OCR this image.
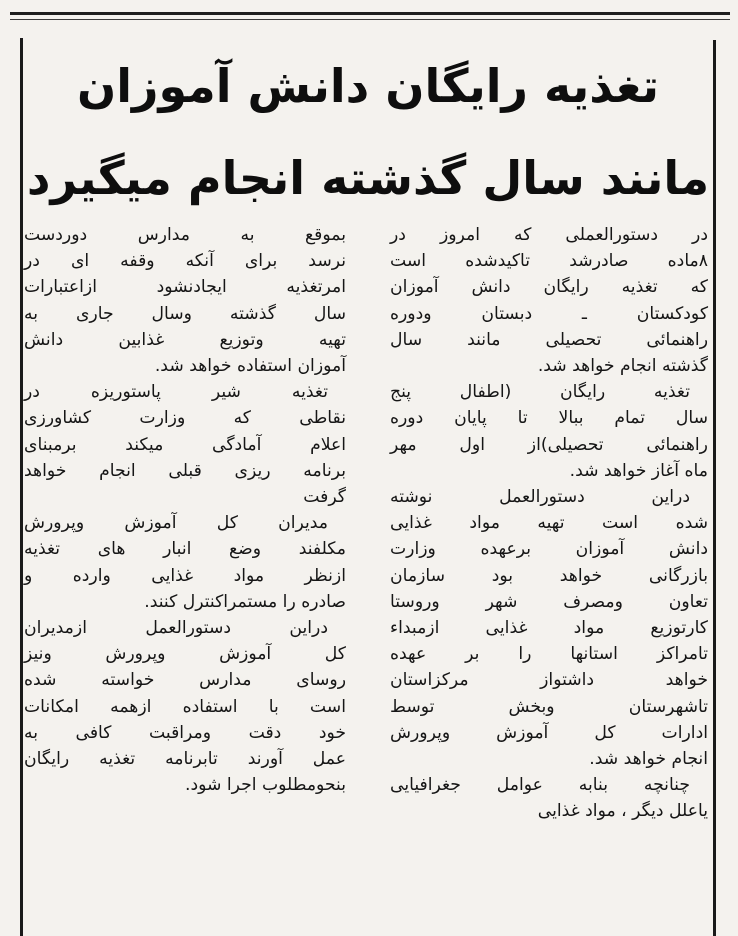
تغذیه رایگان دانش آموزان
مانند سال گذشته انجام میگیرد

در دستورالعملی که امروز در
۸ماده صادرشد تاکیدشده است
که تغذیه رایگان دانش آموزان
کودکستان ـ دبستان ودوره
راهنمائی تحصیلی مانند سال
گذشته انجام خواهد شد.

تغذیه رایگان (اطفال پنج
سال تمام ببالا تا پایان دوره
راهنمائی تحصیلی)از اول مهر
ماه آغاز خواهد شد.

دراین دستورالعمل نوشته
شده است تهیه مواد غذایی
دانش آموزان برعهده وزارت
بازرگانی خواهد بود سازمان
تعاون ومصرف شهر وروستا
کارتوزیع مواد غذایی ازمبداء
تامراکز استانها را بر عهده
خواهد داشتواز مرکزاستان
تاشهرستان وبخش توسط
ادارات کل آموزش وپرورش
انجام خواهد شد.

چنانچه بنابه عوامل جغرافیایی
یاعلل دیگر ، مواد غذایی

بموقع به مدارس دوردست
نرسد برای آنکه وقفه ای در
امرتغذیه ایجادنشود ازاعتبارات
سال گذشته وسال جاری به
تهیه وتوزیع غذابین دانش
آموزان استفاده خواهد شد.

تغذیه شیر پاستوریزه در
نقاطی که وزارت کشاورزی
اعلام آمادگی میکند برمبنای
برنامه ریزی قبلی انجام خواهد
گرفت

مدیران کل آموزش وپرورش
مکلفند وضع انبار های تغذیه
ازنظر مواد غذایی وارده و
صادره را مستمراکنترل کنند.

دراین دستورالعمل ازمدیران
کل آموزش وپرورش ونیز
روسای مدارس خواسته شده
است با استفاده ازهمه امکانات
خود دقت ومراقبت کافی به
عمل آورند تابرنامه تغذیه رایگان
بنحومطلوب اجرا شود.
